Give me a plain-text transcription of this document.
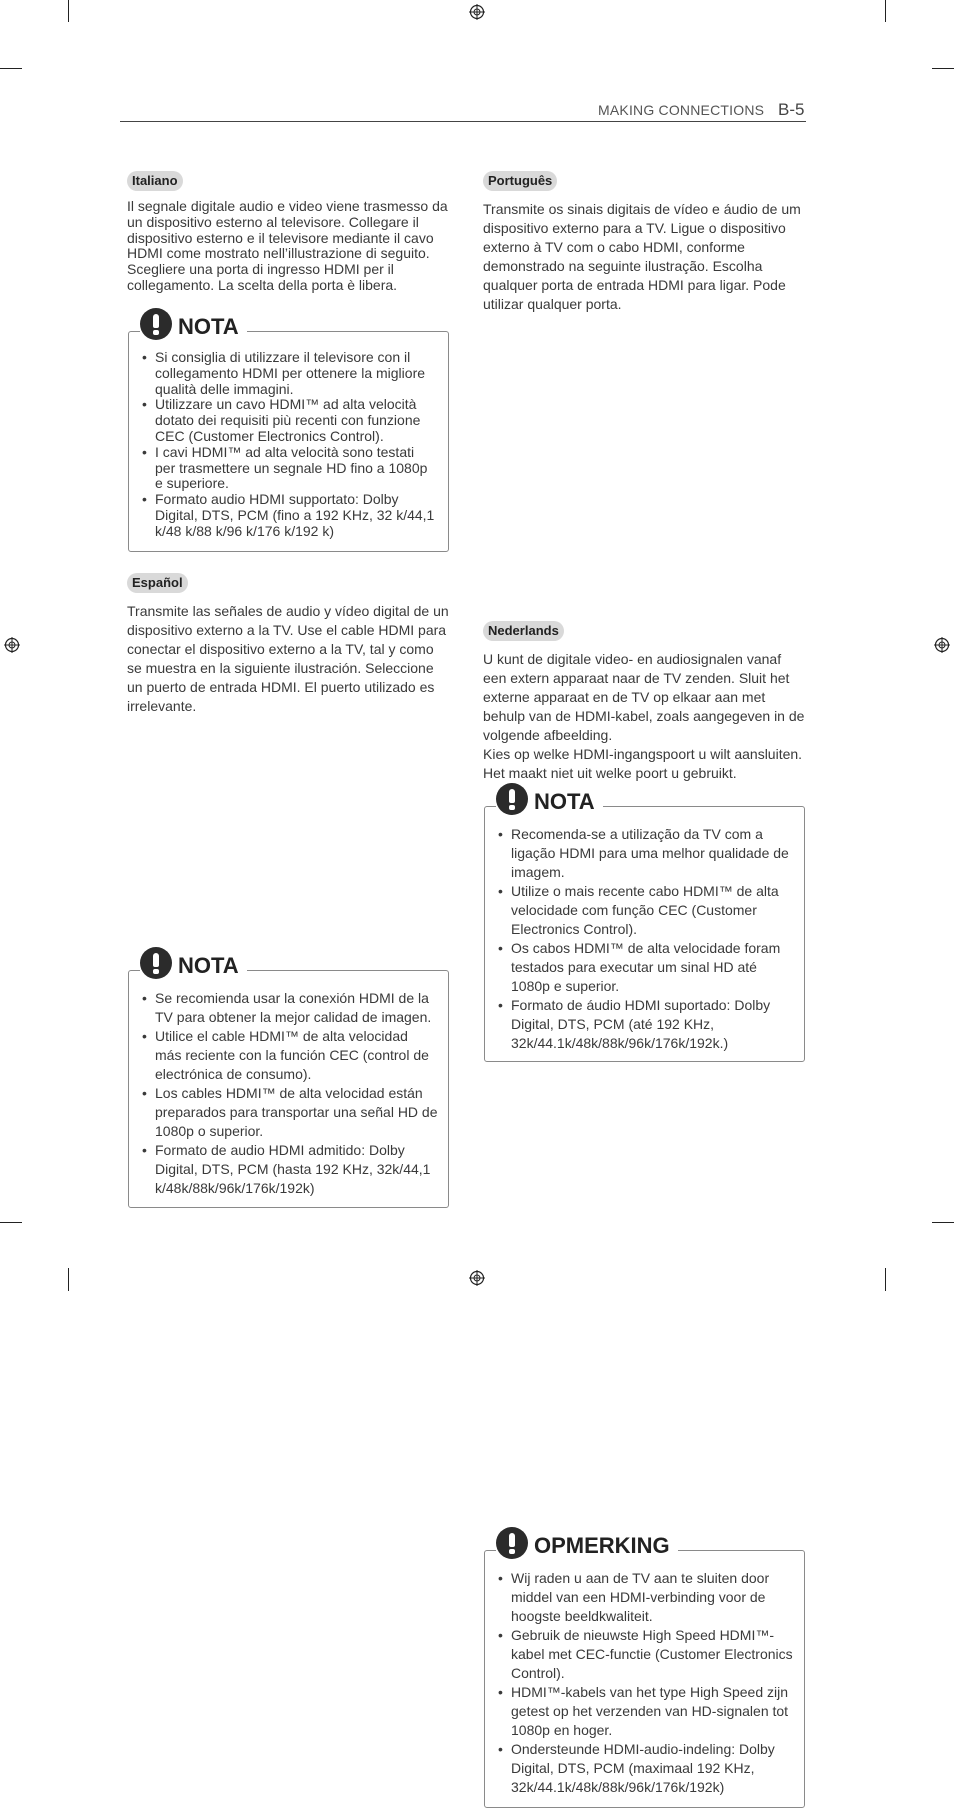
MAKING CONNECTIONS B-5
Italiano

Il segnale digitale audio e video viene trasmesso da un dispositivo esterno al televisore. Collegare il dispositivo esterno e il televisore mediante il cavo HDMI come mostrato nell’illustrazione di seguito. Scegliere una porta di ingresso HDMI per il collegamento. La scelta della porta è libera.

• Si consiglia di utilizzare il televisore con il collegamento HDMI per ottenere la migliore qualità delle immagini.
• Utilizzare un cavo HDMI™ ad alta velocità dotato dei requisiti più recenti con funzione CEC (Customer Electronics Control).
• I cavi HDMI™ ad alta velocità sono testati per trasmettere un segnale HD fino a 1080p e superiore.
• Formato audio HDMI supportato: Dolby Digital, DTS, PCM (fino a 192 KHz, 32 k/44,1 k/48 k/88 k/96 k/176 k/192 k)
NOTA
Español

Transmite las señales de audio y vídeo digital de un dispositivo externo a la TV. Use el cable HDMI para conectar el dispositivo externo a la TV, tal y como se muestra en la siguiente ilustración. Seleccione un puerto de entrada HDMI. El puerto utilizado es irrelevante.

• Se recomienda usar la conexión HDMI de la TV para obtener la mejor calidad de imagen.
• Utilice el cable HDMI™ de alta velocidad más reciente con la función CEC (control de electrónica de consumo).
• Los cables HDMI™ de alta velocidad están preparados para transportar una señal HD de 1080p o superior.
• Formato de audio HDMI admitido: Dolby Digital, DTS, PCM (hasta 192 KHz, 32k/44,1 k/48k/88k/96k/176k/192k)
NOTA
Português

Transmite os sinais digitais de vídeo e áudio de um dispositivo externo para a TV. Ligue o dispositivo externo à TV com o cabo HDMI, conforme demonstrado na seguinte ilustração. Escolha qualquer porta de entrada HDMI para ligar. Pode utilizar qualquer porta.

• Recomenda-se a utilização da TV com a ligação HDMI para uma melhor qualidade de imagem.
• Utilize o mais recente cabo HDMI™ de alta velocidade com função CEC (Customer Electronics Control).
• Os cabos HDMI™ de alta velocidade foram testados para executar um sinal HD até 1080p e superior.
• Formato de áudio HDMI suportado: Dolby Digital, DTS, PCM (até 192 KHz, 32k/44.1k/48k/88k/96k/176k/192k.)
NOTA
Nederlands

U kunt de digitale video- en audiosignalen vanaf een extern apparaat naar de TV zenden. Sluit het externe apparaat en de TV op elkaar aan met behulp van de HDMI-kabel, zoals aangegeven in de volgende afbeelding.

Kies op welke HDMI-ingangspoort u wilt aansluiten. Het maakt niet uit welke poort u gebruikt.

• Wij raden u aan de TV aan te sluiten door middel van een HDMI-verbinding voor de hoogste beeldkwaliteit.
• Gebruik de nieuwste High Speed HDMI™-kabel met CEC-functie (Customer Electronics Control).
• HDMI™-kabels van het type High Speed zijn getest op het verzenden van HD-signalen tot 1080p en hoger.
• Ondersteunde HDMI-audio-indeling: Dolby Digital, DTS, PCM (maximaal 192 KHz, 32k/44.1k/48k/88k/96k/176k/192k)
OPMERKING
